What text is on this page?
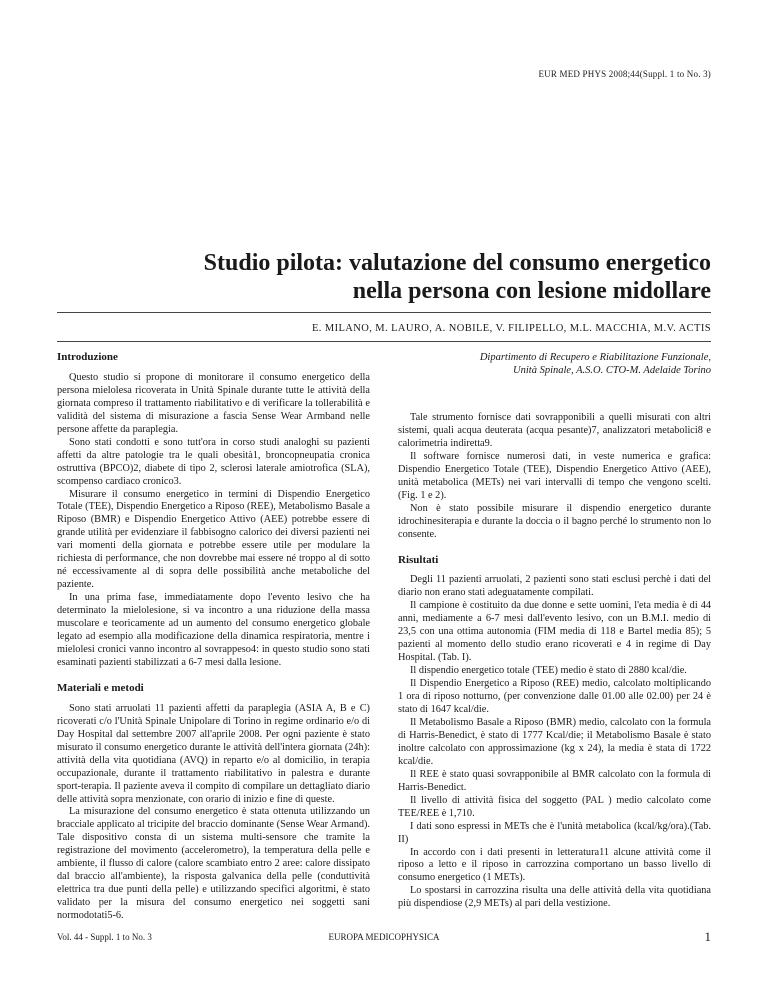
EUR MED PHYS 2008;44(Suppl. 1 to No. 3)
Studio pilota: valutazione del consumo energetico
nella persona con lesione midollare
E. MILANO, M. LAURO, A. NOBILE, V. FILIPELLO, M.L. MACCHIA, M.V. ACTIS
Introduzione

Questo studio si propone di monitorare il consumo energetico della persona mielolesa ricoverata in Unità Spinale durante tutte le attività della giornata compreso il trattamento riabilitativo e di verificare la tollerabilità e validità del sistema di misurazione a fascia Sense Wear Armband nelle persone affette da paraplegia.

Sono stati condotti e sono tutt'ora in corso studi analoghi su pazienti affetti da altre patologie tra le quali obesità1, broncopneupatia cronica ostruttiva (BPCO)2, diabete di tipo 2, sclerosi laterale amiotrofica (SLA), scompenso cardiaco cronico3.

Misurare il consumo energetico in termini di Dispendio Energetico Totale (TEE), Dispendio Energetico a Riposo (REE), Metabolismo Basale a Riposo (BMR) e Dispendio Energetico Attivo (AEE) potrebbe essere di grande utilità per evidenziare il fabbisogno calorico dei diversi pazienti nei vari momenti della giornata e potrebbe essere utile per modulare la richiesta di performance, che non dovrebbe mai essere né troppo al di sotto né eccessivamente al di sopra delle possibilità anche metaboliche del paziente.

In una prima fase, immediatamente dopo l'evento lesivo che ha determinato la mielolesione, si va incontro a una riduzione della massa muscolare e teoricamente ad un aumento del consumo energetico globale legato ad esempio alla modificazione della dinamica respiratoria, mentre i mielolesi cronici vanno incontro al sovrappeso4: in questo studio sono stati esaminati pazienti stabilizzati a 6-7 mesi dalla lesione.

Materiali e metodi

Sono stati arruolati 11 pazienti affetti da paraplegia (ASIA A, B e C) ricoverati c/o l'Unità Spinale Unipolare di Torino in regime ordinario e/o di Day Hospital dal settembre 2007 all'aprile 2008. Per ogni paziente è stato misurato il consumo energetico durante le attività dell'intera giornata (24h): attività della vita quotidiana (AVQ) in reparto e/o al domicilio, in terapia occupazionale, durante il trattamento riabilitativo in palestra e durante sport-terapia. Il paziente aveva il compito di compilare un dettagliato diario delle attività sopra menzionate, con orario di inizio e fine di queste.

La misurazione del consumo energetico è stata ottenuta utilizzando un bracciale applicato al tricipite del braccio dominante (Sense Wear Armand). Tale dispositivo consta di un sistema multi-sensore che tramite la registrazione del movimento (accelerometro), la temperatura della pelle e ambiente, il flusso di calore (calore scambiato entro 2 aree: calore dissipato dal braccio all'ambiente), la risposta galvanica della pelle (conduttività elettrica tra due punti della pelle) e utilizzando specifici algoritmi, è stato validato per la misura del consumo energetico nei soggetti sani normodotati5-6.

Dipartimento di Recupero e Riabilitazione Funzionale,

Unità Spinale, A.S.O. CTO-M. Adelaide Torino

Tale strumento fornisce dati sovrapponibili a quelli misurati con altri sistemi, quali acqua deuterata (acqua pesante)7, analizzatori metabolici8 e calorimetria indiretta9.

Il software fornisce numerosi dati, in veste numerica e grafica: Dispendio Energetico Totale (TEE), Dispendio Energetico Attivo (AEE), unità metabolica (METs) nei vari intervalli di tempo che vengono scelti. (Fig. 1 e 2).

Non è stato possibile misurare il dispendio energetico durante idrochinesiterapia e durante la doccia o il bagno perché lo strumento non lo consente.

Risultati

Degli 11 pazienti arruolati, 2 pazienti sono stati esclusi perchè i dati del diario non erano stati adeguatamente compilati.

Il campione è costituito da due donne e sette uomini, l'eta media è di 44 anni, mediamente a 6-7 mesi dall'evento lesivo, con un B.M.I. medio di 23,5 con una ottima autonomia (FIM media di 118 e Bartel media 85); 5 pazienti al momento dello studio erano ricoverati e 4 in regime di Day Hospital. (Tab. I).

Il dispendio energetico totale (TEE) medio è stato di 2880 kcal/die.

Il Dispendio Energetico a Riposo (REE) medio, calcolato moltiplicando 1 ora di riposo notturno, (per convenzione dalle 01.00 alle 02.00) per 24 è stato di 1647 kcal/die.

Il Metabolismo Basale a Riposo (BMR) medio, calcolato con la formula di Harris-Benedict, è stato di 1777 Kcal/die; il Metabolismo Basale è stato inoltre calcolato con approssimazione (kg x 24), la media è stata di 1722 kcal/die.

Il REE è stato quasi sovrapponibile al BMR calcolato con la formula di Harris-Benedict.

Il livello di attività fisica del soggetto (PAL ) medio calcolato come TEE/REE è 1,710.

I dati sono espressi in METs che è l'unità metabolica (kcal/kg/ora).(Tab. II)

In accordo con i dati presenti in letteratura11 alcune attività come il riposo a letto e il riposo in carrozzina comportano un basso livello di consumo energetico (1 METs).

Lo spostarsi in carrozzina risulta una delle attività della vita quotidiana più dispendiose (2,9 METs) al pari della vestizione.

Vol. 44 - Suppl. 1 to No. 3	EUROPA MEDICOPHYSICA	1
